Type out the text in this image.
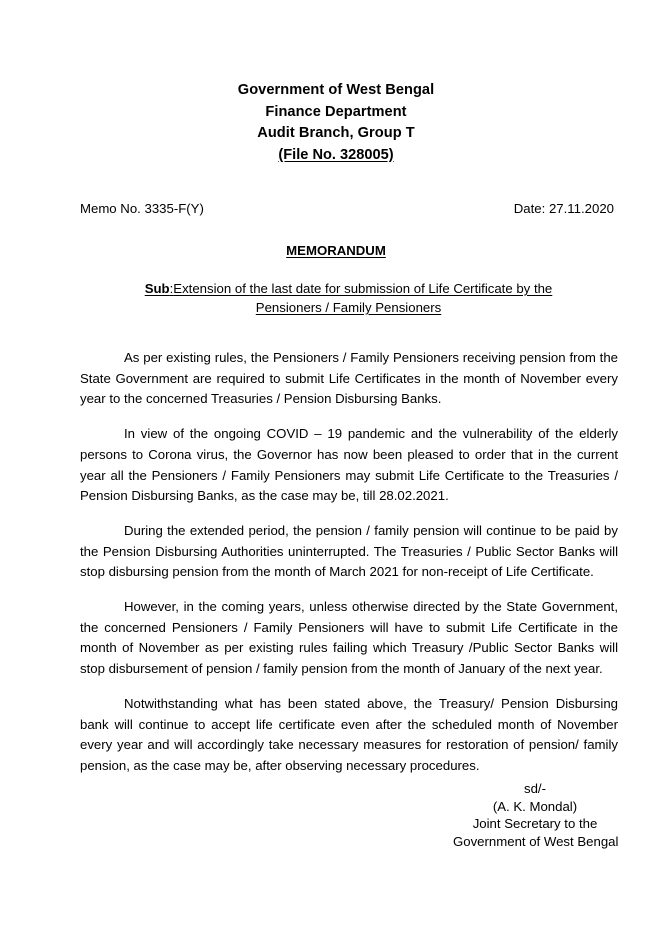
Government of West Bengal
Finance Department
Audit Branch, Group T
(File No. 328005)
Memo No. 3335-F(Y)	Date: 27.11.2020
MEMORANDUM
Sub:Extension of the last date for submission of Life Certificate by the
Pensioners / Family Pensioners

As per existing rules, the Pensioners / Family Pensioners receiving pension from the State Government are required to submit Life Certificates in the month of November every year to the concerned Treasuries / Pension Disbursing Banks.

In view of the ongoing COVID – 19 pandemic and the vulnerability of the elderly persons to Corona virus, the Governor has now been pleased to order that in the current year all the Pensioners / Family Pensioners may submit Life Certificate to the Treasuries / Pension Disbursing Banks, as the case may be, till 28.02.2021.

During the extended period, the pension / family pension will continue to be paid by the Pension Disbursing Authorities uninterrupted. The Treasuries / Public Sector Banks will stop disbursing pension from the month of March 2021 for non-receipt of Life Certificate.

However, in the coming years, unless otherwise directed by the State Government, the concerned Pensioners / Family Pensioners will have to submit Life Certificate in the month of November as per existing rules failing which Treasury /Public Sector Banks will stop disbursement of pension / family pension from the month of January of the next year.

Notwithstanding what has been stated above, the Treasury/ Pension Disbursing bank will continue to accept life certificate even after the scheduled month of November every year and will accordingly take necessary measures for restoration of pension/ family pension, as the case may be, after observing necessary procedures.

sd/-
(A. K. Mondal)
Joint Secretary to the
Government of West Bengal
